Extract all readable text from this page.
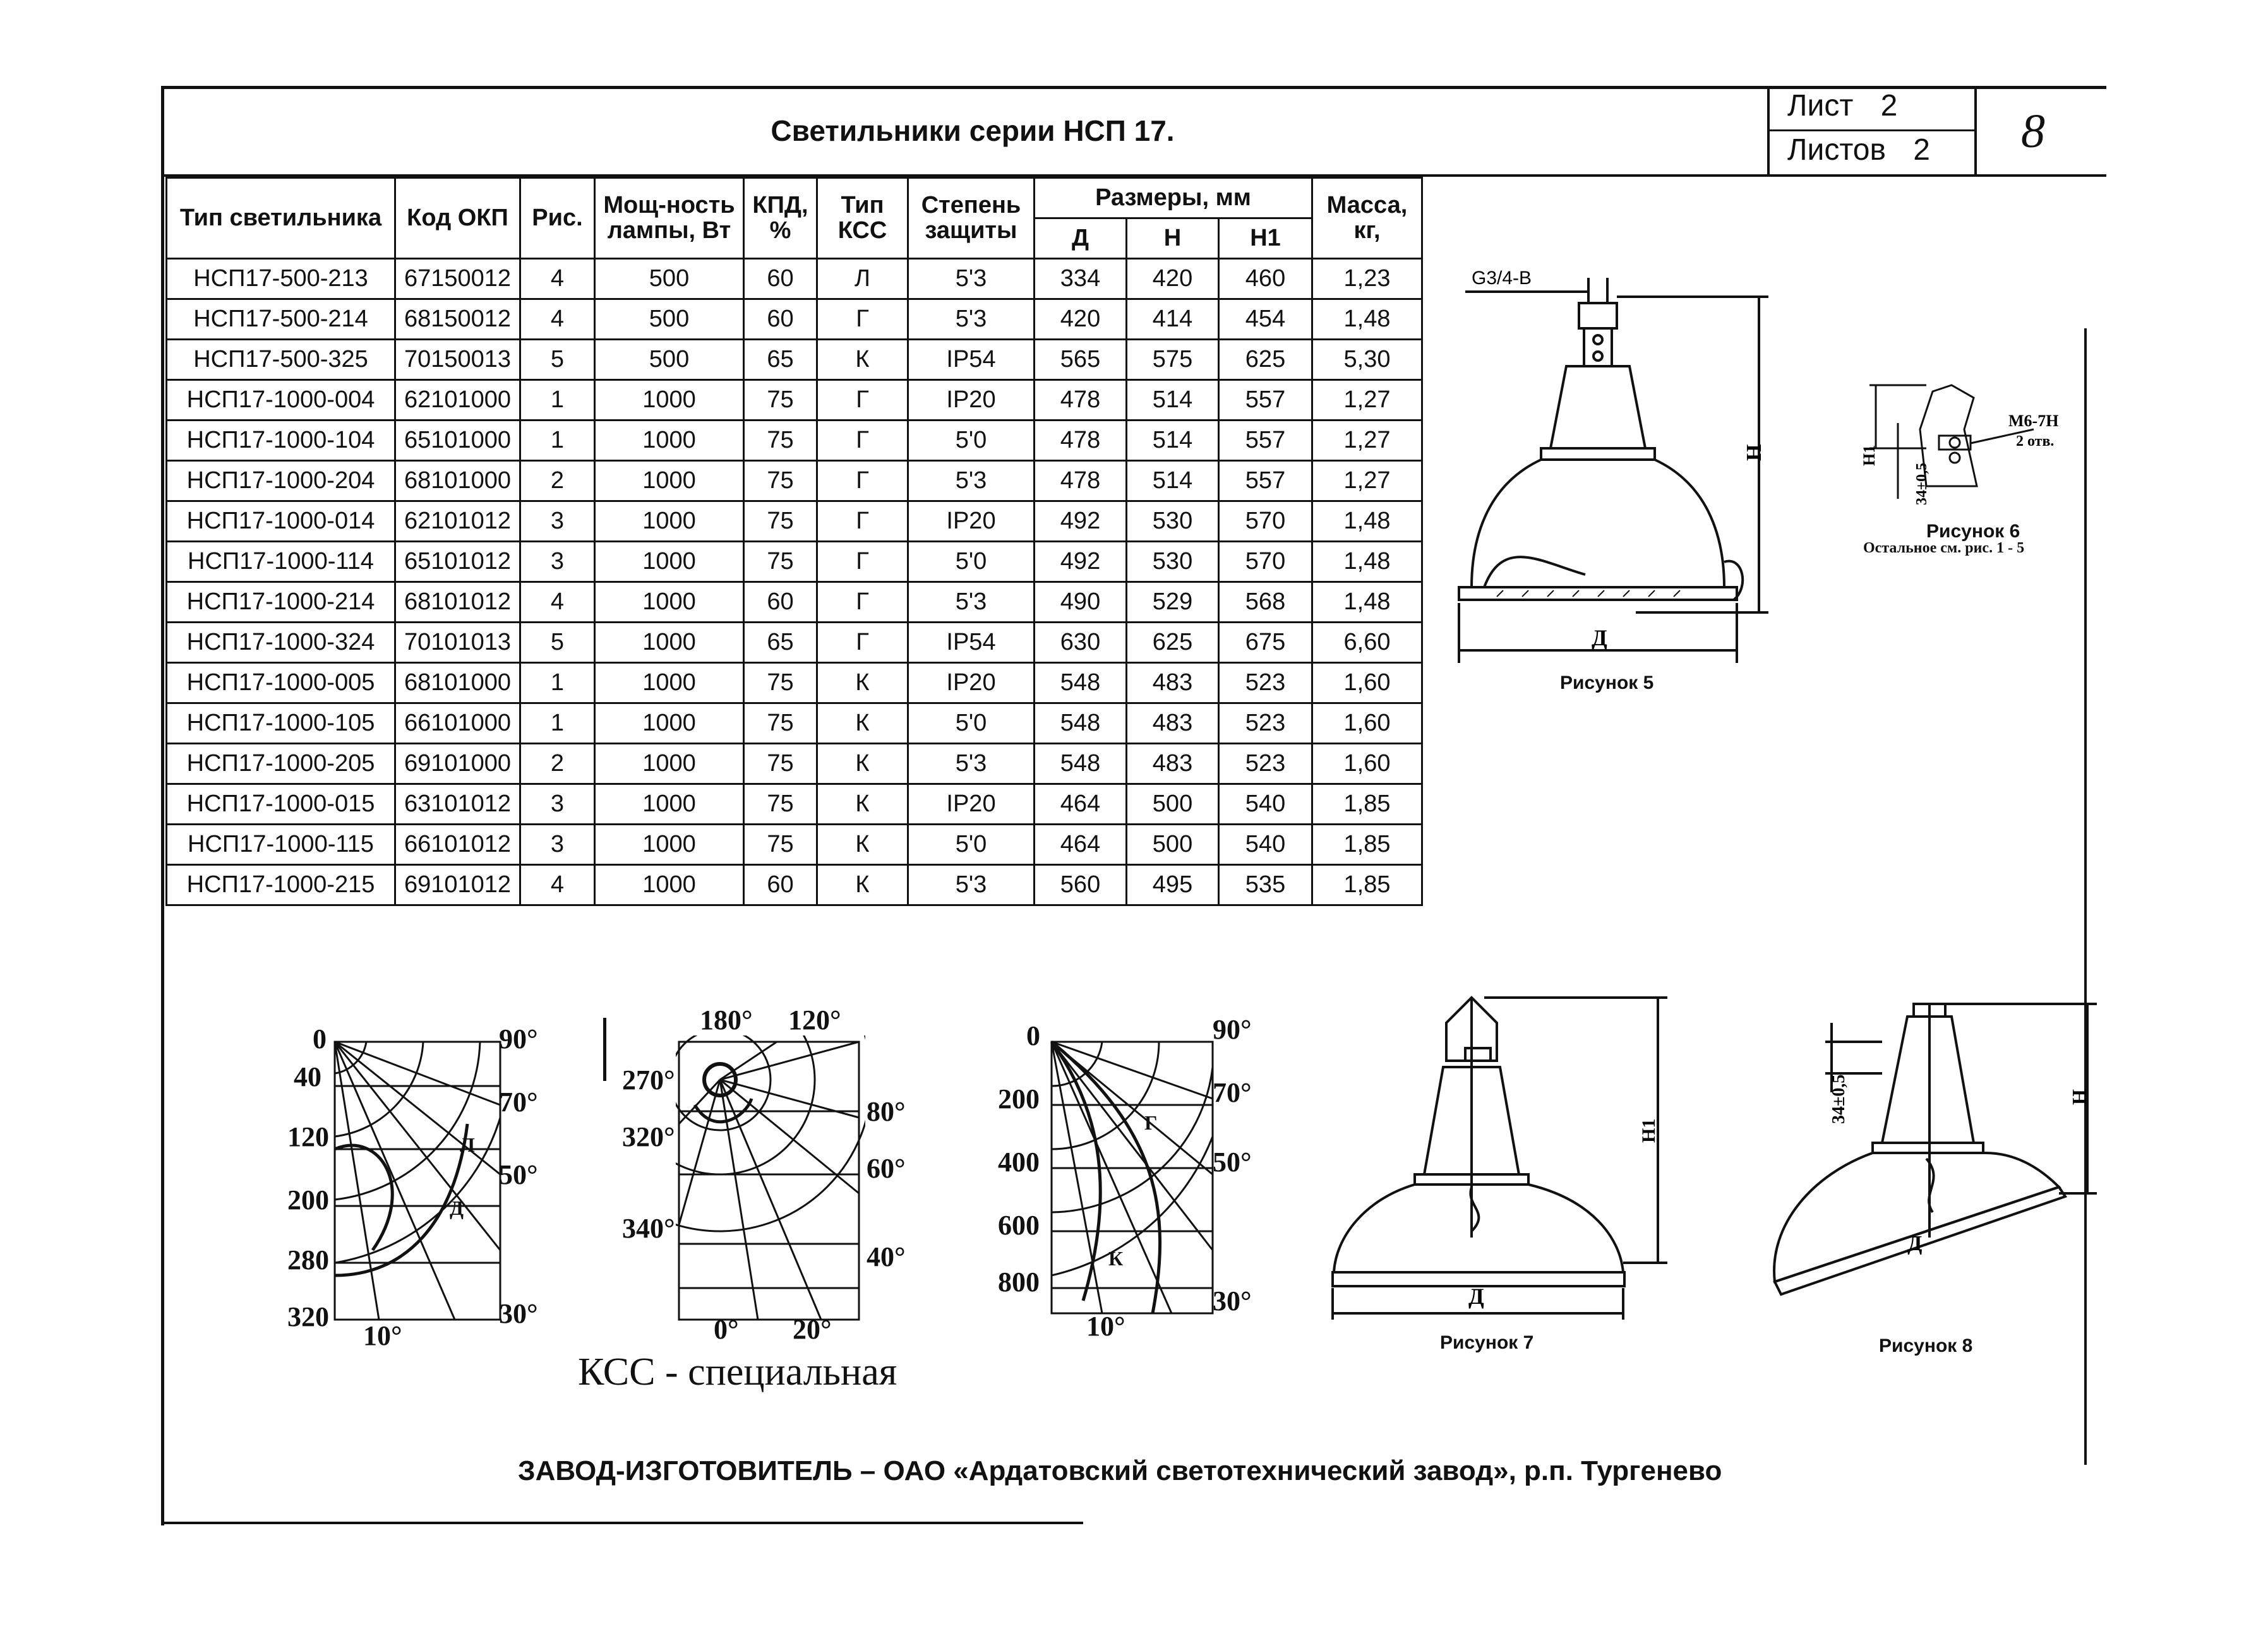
Светильники серии НСП 17.
Лист 2
Листов 2 8
Тип светильника	Код ОКП	Рис.	Мощ-ность лампы, Вт	КПД, %	Тип КСС	Степень защиты	Размеры, мм			Масса, кг,
							Д	Н	Н1	
НСП17-500-213	67150012	4	500	60	Л	5'3	334	420	460	1,23
НСП17-500-214	68150012	4	500	60	Г	5'3	420	414	454	1,48
НСП17-500-325	70150013	5	500	65	К	IP54	565	575	625	5,30
НСП17-1000-004	62101000	1	1000	75	Г	IP20	478	514	557	1,27
НСП17-1000-104	65101000	1	1000	75	Г	5'0	478	514	557	1,27
НСП17-1000-204	68101000	2	1000	75	Г	5'3	478	514	557	1,27
НСП17-1000-014	62101012	3	1000	75	Г	IP20	492	530	570	1,48
НСП17-1000-114	65101012	3	1000	75	Г	5'0	492	530	570	1,48
НСП17-1000-214	68101012	4	1000	60	Г	5'3	490	529	568	1,48
НСП17-1000-324	70101013	5	1000	65	Г	IP54	630	625	675	6,60
НСП17-1000-005	68101000	1	1000	75	К	IP20	548	483	523	1,60
НСП17-1000-105	66101000	1	1000	75	К	5'0	548	483	523	1,60
НСП17-1000-205	69101000	2	1000	75	К	5'3	548	483	523	1,60
НСП17-1000-015	63101012	3	1000	75	К	IP20	464	500	540	1,85
НСП17-1000-115	66101012	3	1000	75	К	5'0	464	500	540	1,85
НСП17-1000-215	69101012	4	1000	60	К	5'3	560	495	535	1,85
G3/4-B
Д
Н
Рисунок 5
Н1
34±0,5
М6-7Н
2 отв.
Рисунок 6
Остальное см. рис. 1 - 5
0
40
120
200
280
320
90°
70°
50°
30°
10°
Л
Д
180° 120°
270°
320°
340°
80°
60°
40°
0° 20°
КСС - специальная
0
200
400
600
800
90°
70°
50°
30°
10°
Г
К
Д
Н1
Рисунок 7
34±0,5
Д
Н
Рисунок 8
ЗАВОД-ИЗГОТОВИТЕЛЬ – ОАО «Ардатовский светотехнический завод», р.п. Тургенево
